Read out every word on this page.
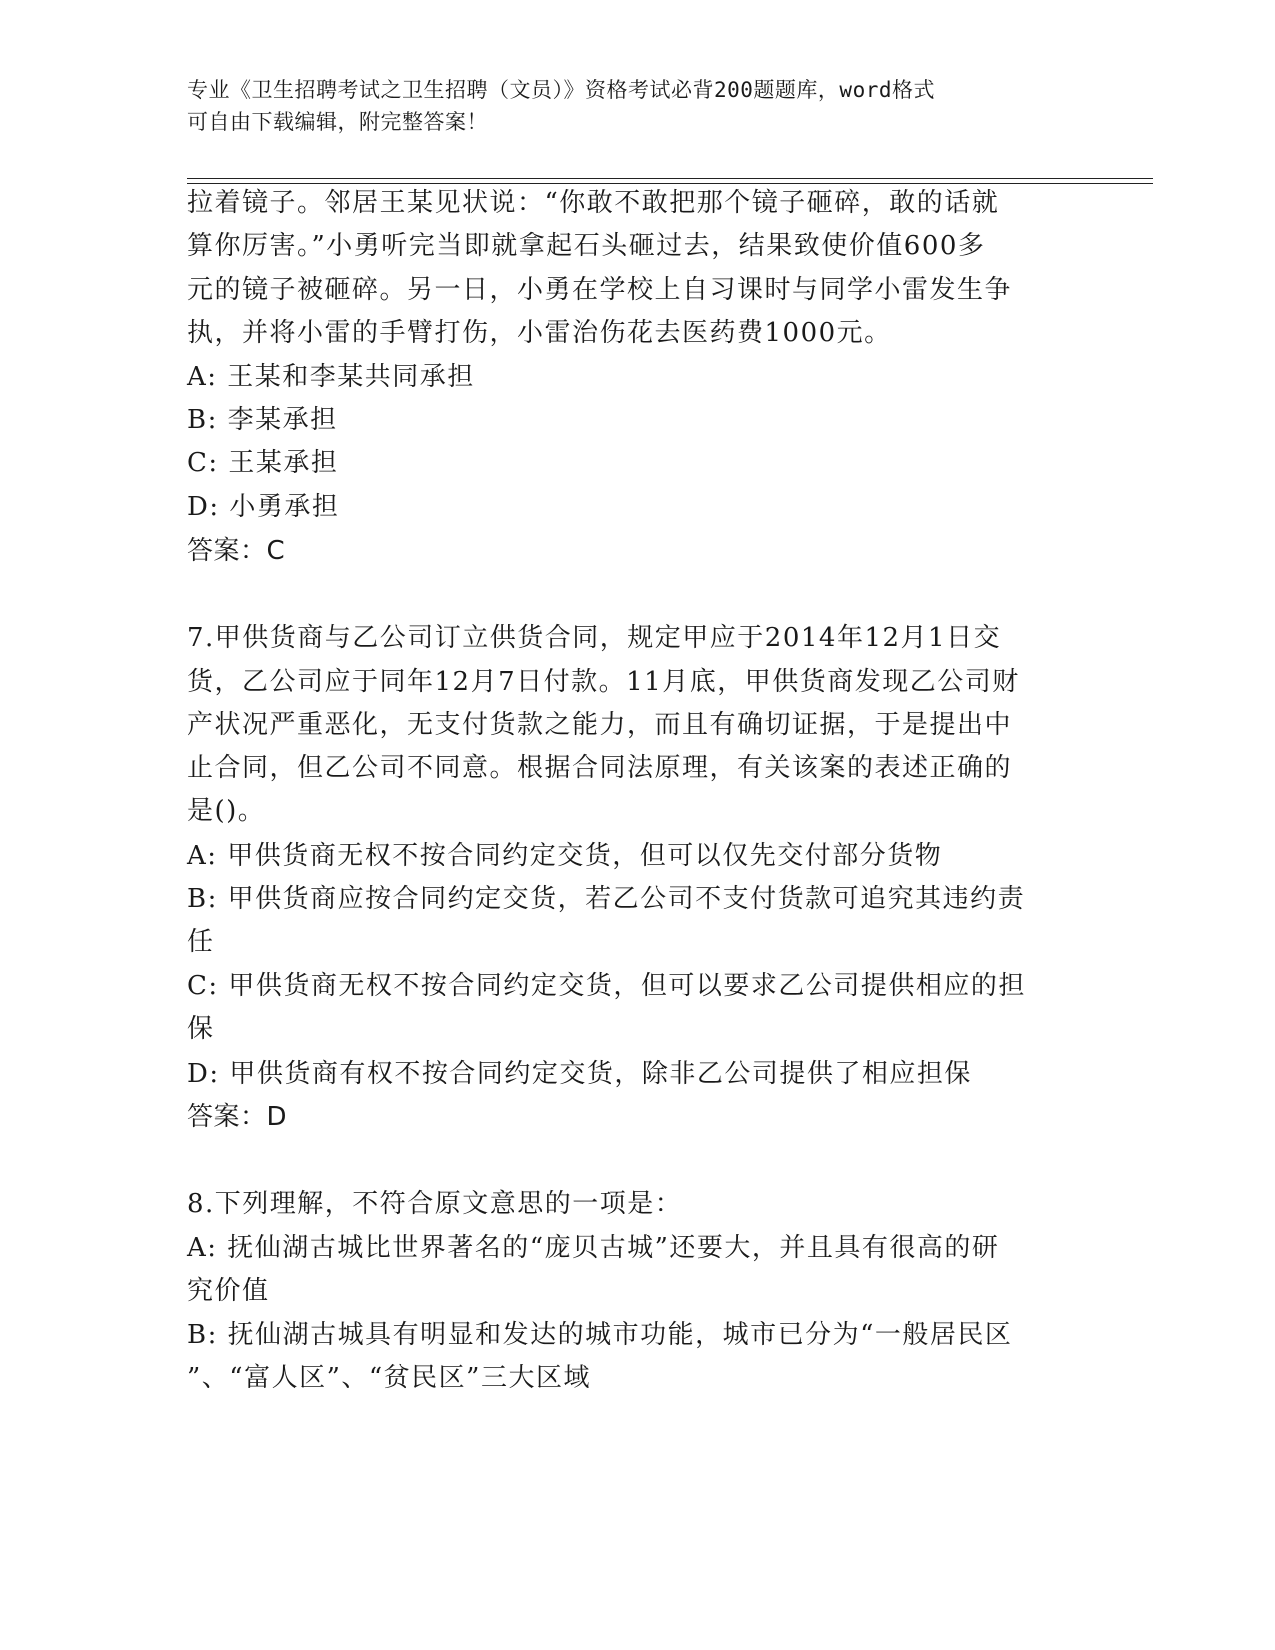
专业《卫生招聘考试之卫生招聘（文员）》资格考试必背200题题库，word格式
可自由下载编辑，附完整答案！
拉着镜子。邻居王某见状说：“你敢不敢把那个镜子砸碎，敢的话就
算你厉害。”小勇听完当即就拿起石头砸过去，结果致使价值600多
元的镜子被砸碎。另一日，小勇在学校上自习课时与同学小雷发生争
执，并将小雷的手臂打伤，小雷治伤花去医药费1000元。
A: 王某和李某共同承担
B: 李某承担
C: 王某承担
D: 小勇承担
答案：C
7.甲供货商与乙公司订立供货合同，规定甲应于2014年12月1日交
货，乙公司应于同年12月7日付款。11月底，甲供货商发现乙公司财
产状况严重恶化，无支付货款之能力，而且有确切证据，于是提出中
止合同，但乙公司不同意。根据合同法原理，有关该案的表述正确的
是()。
A: 甲供货商无权不按合同约定交货，但可以仅先交付部分货物
B: 甲供货商应按合同约定交货，若乙公司不支付货款可追究其违约责
任
C: 甲供货商无权不按合同约定交货，但可以要求乙公司提供相应的担
保
D: 甲供货商有权不按合同约定交货，除非乙公司提供了相应担保
答案：D
8.下列理解，不符合原文意思的一项是：
A: 抚仙湖古城比世界著名的“庞贝古城”还要大，并且具有很高的研
究价值
B: 抚仙湖古城具有明显和发达的城市功能，城市已分为“一般居民区
”、“富人区”、“贫民区”三大区域
